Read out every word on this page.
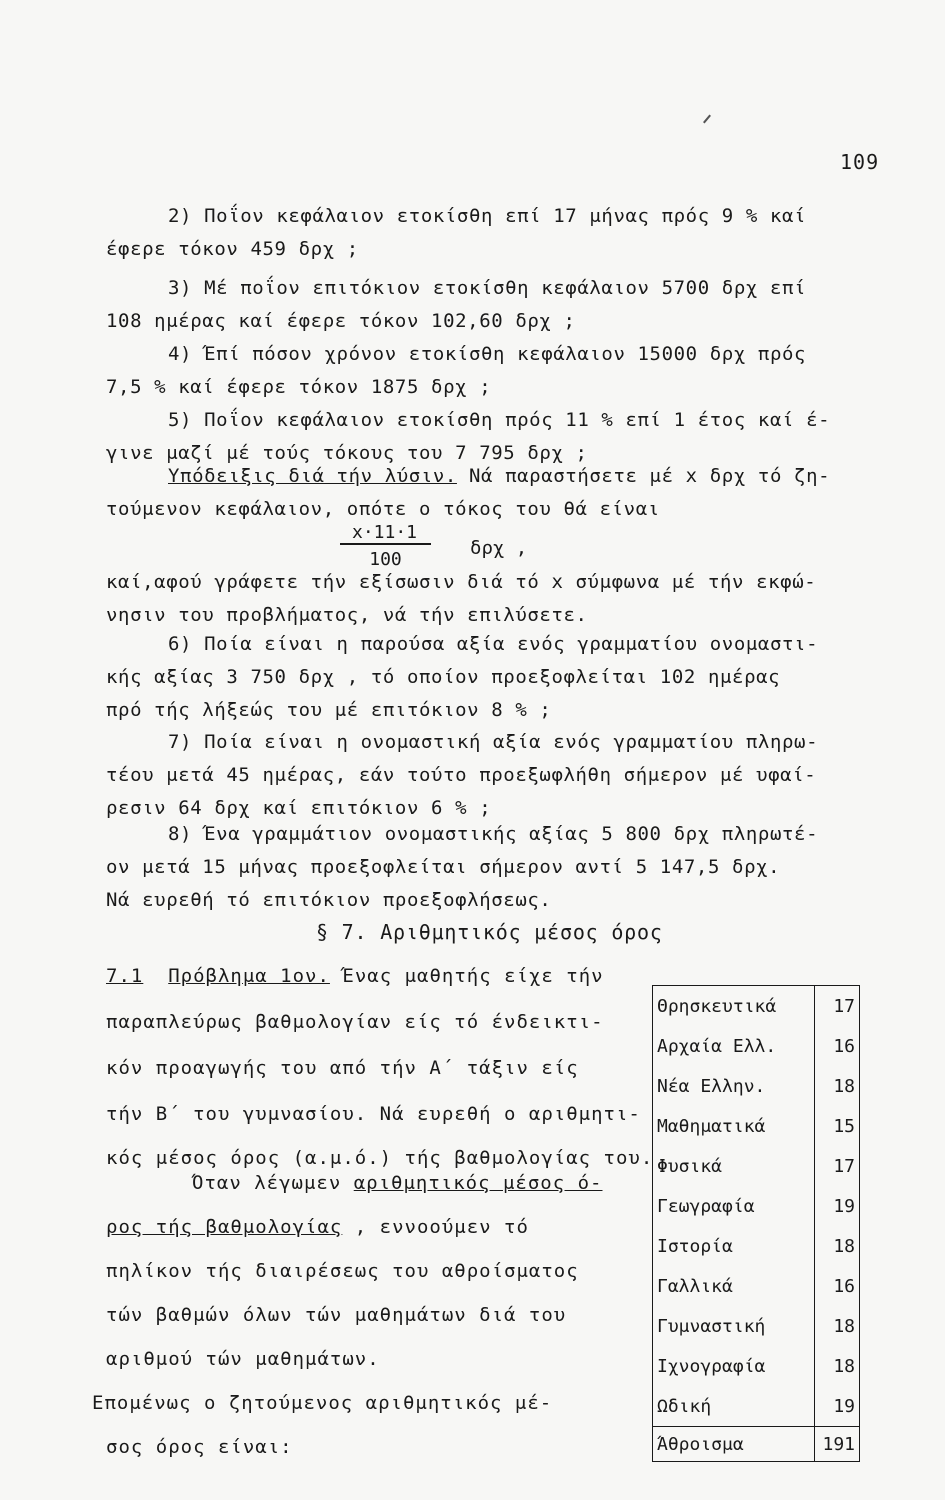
109
2) Ποΐον κεφάλαιον ετοκίσθη επί 17 μήνας πρός 9 % καί
έφερε τόκον 459 δρχ ;
3) Μέ ποΐον επιτόκιον ετοκίσθη κεφάλαιον 5700 δρχ επί
108 ημέρας καί έφερε τόκον 102,60 δρχ ;
4) Έπί πόσον χρόνον ετοκίσθη κεφάλαιον 15000 δρχ πρός
7,5 % καί έφερε τόκον 1875 δρχ ;
5) Ποΐον κεφάλαιον ετοκίσθη πρός 11 % επί 1 έτος καί έ-
γινε μαζί μέ τούς τόκους του 7 795 δρχ ;
Υπόδειξις διά τήν λύσιν. Νά παραστήσετε μέ x δρχ τό ζη-
τούμενον κεφάλαιον, οπότε ο τόκος του θά είναι
$\frac{x\cdot 11\cdot 1}{100}$ δρχ ,
καί,αφού γράφετε τήν εξίσωσιν διά τό x σύμφωνα μέ τήν εκφώ-
νησιν του προβλήματος, νά τήν επιλύσετε.
6) Ποία είναι η παρούσα αξία ενός γραμματίου ονομαστι-
κής αξίας 3 750 δρχ , τό οποίον προεξοφλείται 102 ημέρας
πρό τής λήξεώς του μέ επιτόκιον 8 % ;
7) Ποία είναι η ονομαστική αξία ενός γραμματίου πληρω-
τέου μετά 45 ημέρας, εάν τούτο προεξωφλήθη σήμερον μέ υφαί-
ρεσιν 64 δρχ καί επιτόκιον 6 % ;
8) Ένα γραμμάτιον ονομαστικής αξίας 5 800 δρχ πληρωτέ-
ον μετά 15 μήνας προεξοφλείται σήμερον αντί 5 147,5 δρχ.
Νά ευρεθή τό επιτόκιον προεξοφλήσεως.
§ 7. Αριθμητικός μέσος όρος
7.1 Πρόβλημα 1ον. Ένας μαθητής είχε τήν
παραπλεύρως βαθμολογίαν είς τό ένδεικτι-
κόν προαγωγής του από τήν Α΄ τάξιν είς
τήν Β΄ του γυμνασίου. Νά ευρεθή ο αριθμητι-
κός μέσος όρος (α.μ.ό.) τής βαθμολογίας του.
Όταν λέγωμεν αριθμητικός μέσος ό-
ρος τής βαθμολογίας , εννοούμεν τό
πηλίκον τής διαιρέσεως του αθροίσματος
τών βαθμών όλων τών μαθημάτων διά του
αριθμού τών μαθημάτων.
Επομένως ο ζητούμενος αριθμητικός μέ-
σος όρος είναι:
Θρησκευτικά	17
Αρχαία Ελλ.	16
Νέα Ελλην.	18
Μαθηματικά	15
Φυσικά	17
Γεωγραφία	19
Ιστορία	18
Γαλλικά	16
Γυμναστική	18
Ιχνογραφία	18
Ωδική	19
Άθροισμα	191
